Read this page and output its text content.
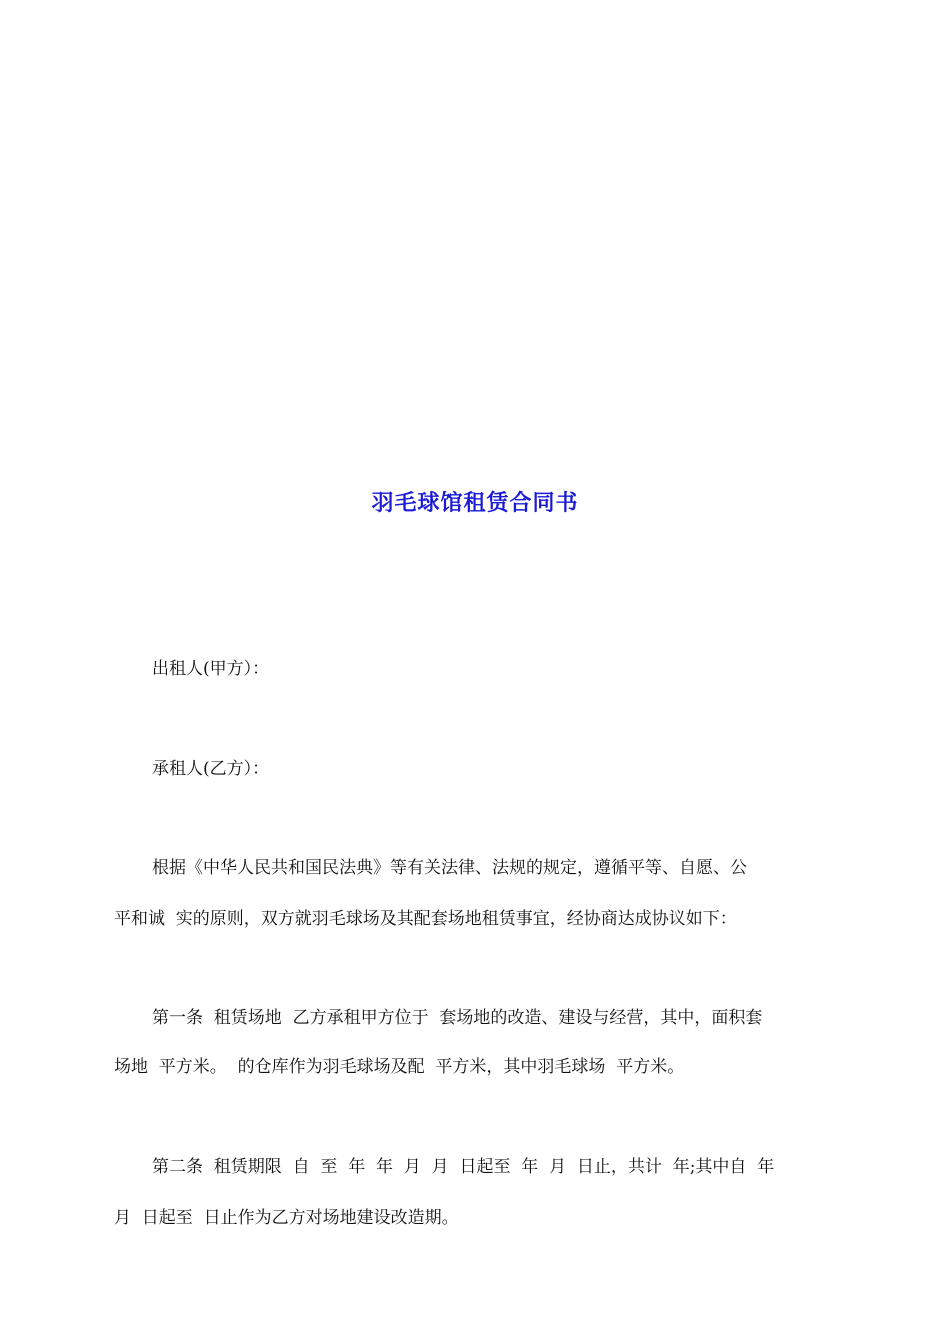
羽毛球馆租赁合同书
出租人(甲方）：
承租人(乙方）：
根据《中华人民共和国民法典》等有关法律、法规的规定，遵循平等、自愿、公
平和诚  实的原则，双方就羽毛球场及其配套场地租赁事宜，经协商达成协议如下：
第一条  租赁场地  乙方承租甲方位于  套场地的改造、建设与经营，其中，面积套
场地  平方米。  的仓库作为羽毛球场及配  平方米，其中羽毛球场  平方米。
第二条  租赁期限  自  至  年  年  月  月  日起至  年  月  日止，共计  年;其中自  年
月  日起至  日止作为乙方对场地建设改造期。
